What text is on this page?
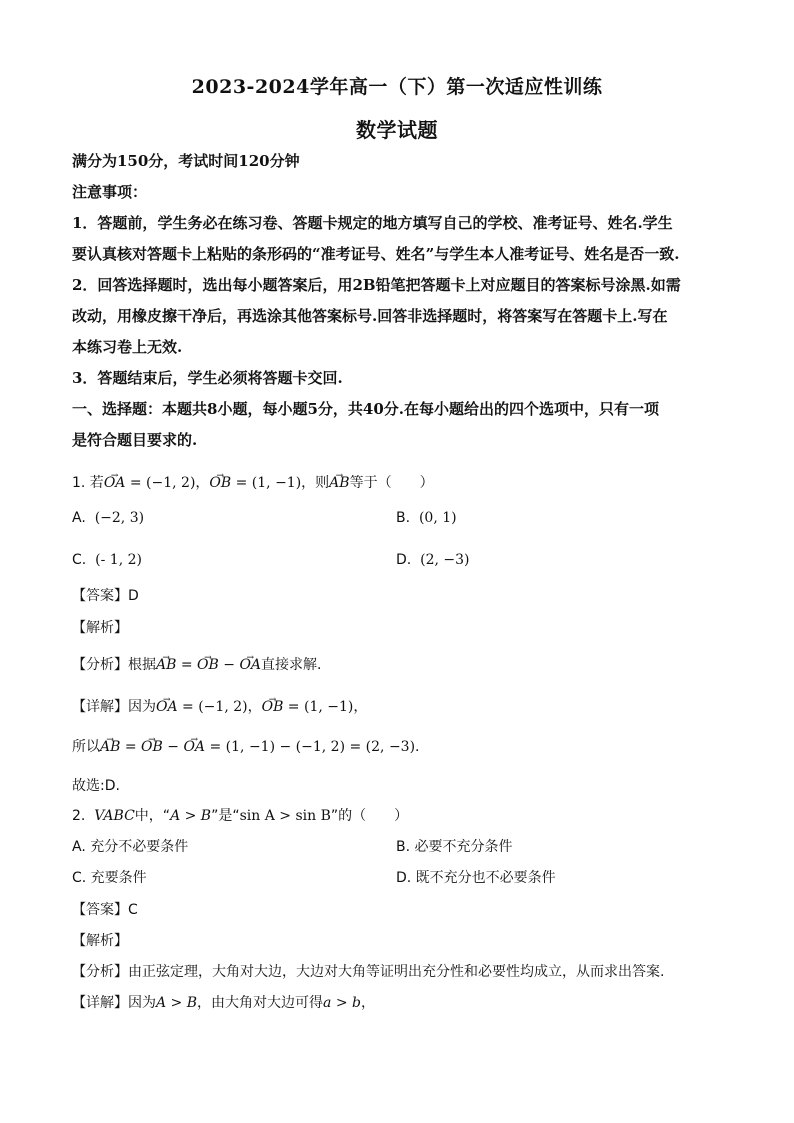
2023-2024学年高一（下）第一次适应性训练
数学试题
满分为150分，考试时间120分钟
注意事项：
1．答题前，学生务必在练习卷、答题卡规定的地方填写自己的学校、准考证号、姓名.学生
要认真核对答题卡上粘贴的条形码的“准考证号、姓名”与学生本人准考证号、姓名是否一致.
2．回答选择题时，选出每小题答案后，用2B铅笔把答题卡上对应题目的答案标号涂黑.如需
改动，用橡皮擦干净后，再选涂其他答案标号.回答非选择题时，将答案写在答题卡上.写在
本练习卷上无效.
3．答题结束后，学生必须将答题卡交回.
一、选择题：本题共8小题，每小题5分，共40分.在每小题给出的四个选项中，只有一项
是符合题目要求的.
1. 若→ OA = (−1, 2)，→ OB = (1, −1)，则→ AB等于（　　）
A. (−2, 3)	B. (0, 1)
C. (- 1, 2)	D. (2, −3)
【答案】D
【解析】
【分析】根据→ AB = → OB − → OA直接求解.
【详解】因为→ OA = (−1, 2)，→ OB = (1, −1)，
所以→ AB = → OB − → OA = (1, −1) − (−1, 2) = (2, −3).
故选:D.
2. VABC中，“A > B”是“sin A > sin B”的（　　）
A. 充分不必要条件	B. 必要不充分条件
C. 充要条件	D. 既不充分也不必要条件
【答案】C
【解析】
【分析】由正弦定理，大角对大边，大边对大角等证明出充分性和必要性均成立，从而求出答案.
【详解】因为A > B，由大角对大边可得a > b，
